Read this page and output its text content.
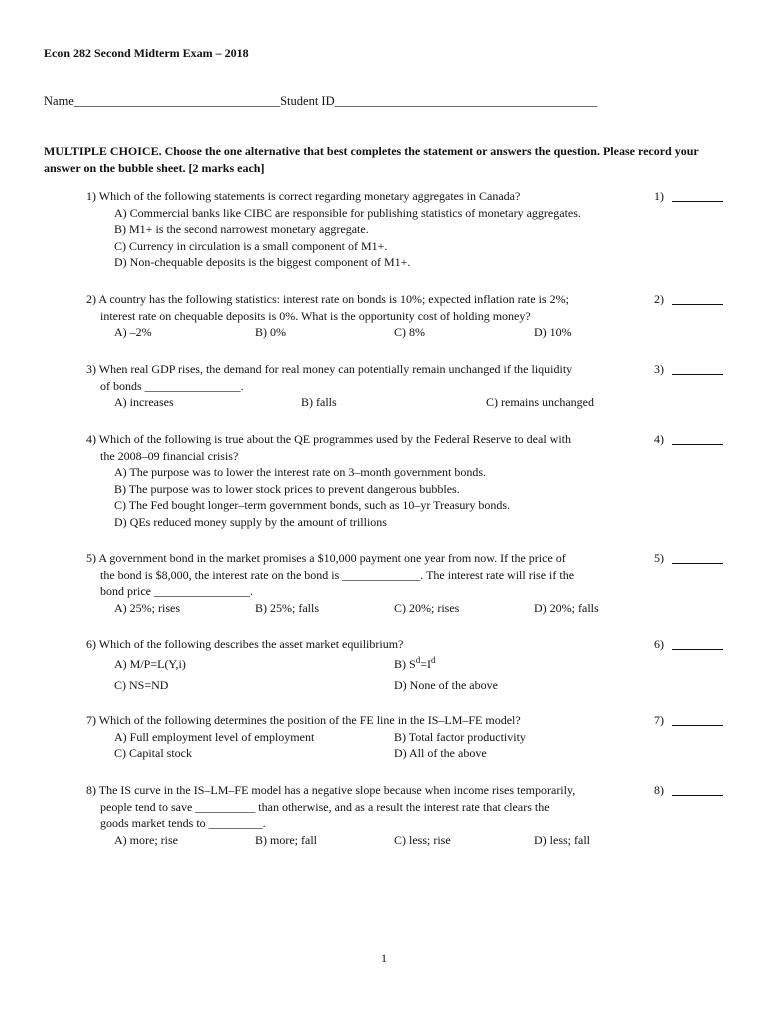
Econ 282 Second Midterm Exam – 2018
Name_________________________________Student ID__________________________________________
MULTIPLE CHOICE. Choose the one alternative that best completes the statement or answers the question. Please record your answer on the bubble sheet. [2 marks each]
1) Which of the following statements is correct regarding monetary aggregates in Canada?	1)
A) Commercial banks like CIBC are responsible for publishing statistics of monetary aggregates.
B) M1+ is the second narrowest monetary aggregate.
C) Currency in circulation is a small component of M1+.
D) Non-chequable deposits is the biggest component of M1+.
2) A country has the following statistics: interest rate on bonds is 10%; expected inflation rate is 2%;
interest rate on chequable deposits is 0%. What is the opportunity cost of holding money?
2)
A) –2%	B) 0%	C) 8%	D) 10%
3) When real GDP rises, the demand for real money can potentially remain unchanged if the liquidity
of bonds ________________.
3)
A) increases	B) falls	C) remains unchanged
4) Which of the following is true about the QE programmes used by the Federal Reserve to deal with
the 2008–09 financial crisis?
4)
A) The purpose was to lower the interest rate on 3–month government bonds.
B) The purpose was to lower stock prices to prevent dangerous bubbles.
C) The Fed bought longer–term government bonds, such as 10–yr Treasury bonds.
D) QEs reduced money supply by the amount of trillions
5) A government bond in the market promises a $10,000 payment one year from now. If the price of
the bond is $8,000, the interest rate on the bond is _____________. The interest rate will rise if the
bond price ________________.
5)
A) 25%; rises	B) 25%; falls	C) 20%; rises	D) 20%; falls
6) Which of the following describes the asset market equilibrium?	6)
A) M/P=L(Y,i)	B) $S^d=I^d$
C) NS=ND	D) None of the above
7) Which of the following determines the position of the FE line in the IS–LM–FE model?	7)
A) Full employment level of employment	B) Total factor productivity
C) Capital stock	D) All of the above
8) The IS curve in the IS–LM–FE model has a negative slope because when income rises temporarily,
people tend to save __________ than otherwise, and as a result the interest rate that clears the
goods market tends to _________.
8)
A) more; rise	B) more; fall	C) less; rise	D) less; fall
1
